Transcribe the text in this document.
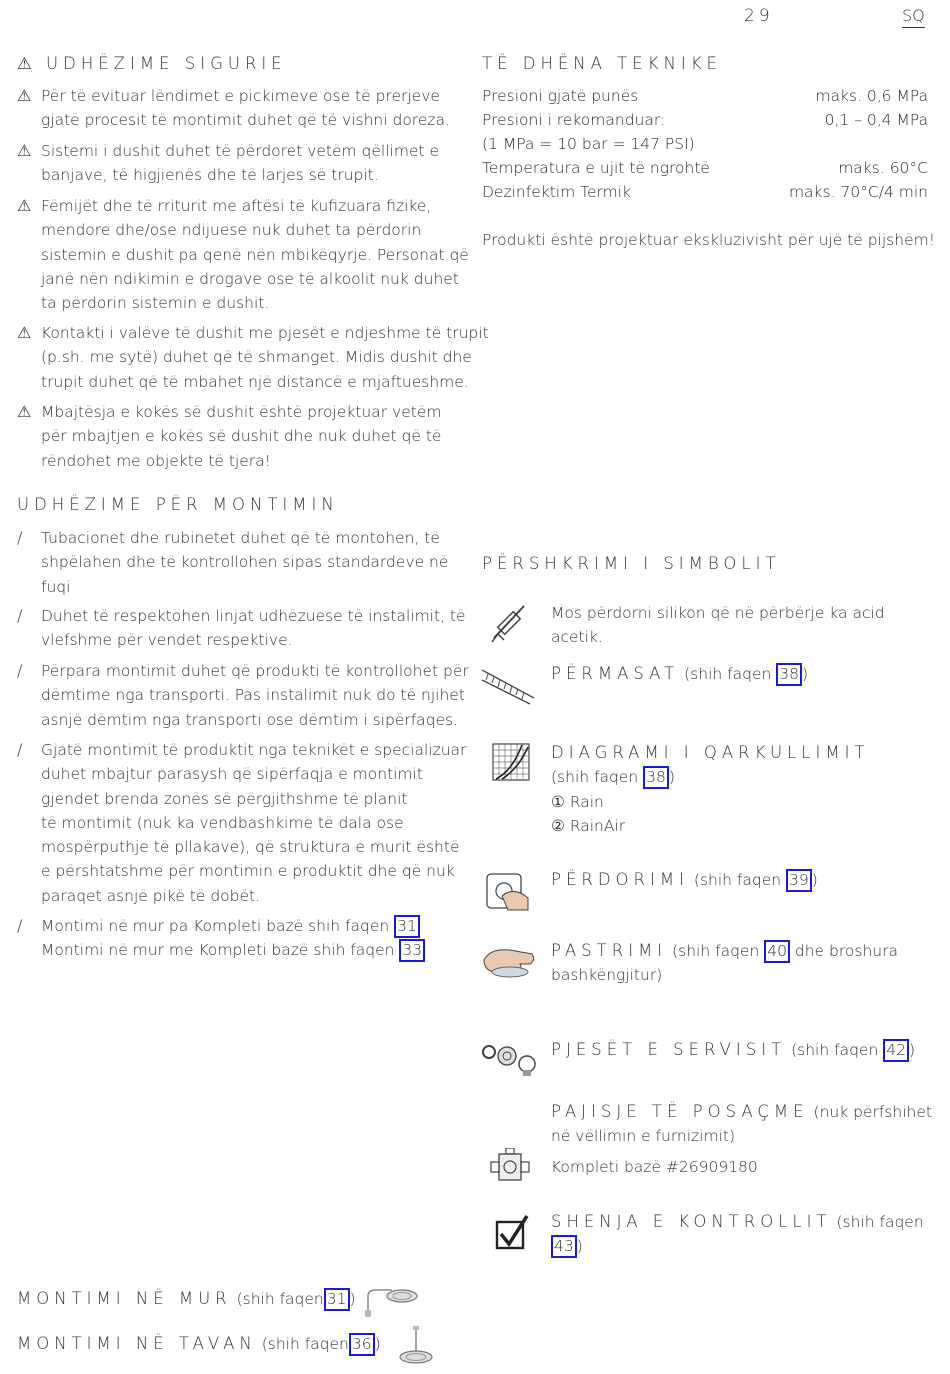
29	SQ
⚠ UDHËZIME SIGURIE
⚠ Për të evituar lëndimet e pickimeve ose të prerjeve
gjatë procesit të montimit duhet që të vishni doreza.
⚠ Sistemi i dushit duhet të përdoret vetëm qëllimet e
banjave, të higjienës dhe të larjes së trupit.
⚠ Fëmijët dhe të rriturit me aftësi të kufizuara fizike,
mendore dhe/ose ndijuese nuk duhet ta përdorin
sistemin e dushit pa qenë nën mbikëqyrje. Personat që
janë nën ndikimin e drogave ose të alkoolit nuk duhet
ta përdorin sistemin e dushit.
⚠ Kontakti i valëve të dushit me pjesët e ndjeshme të trupit
(p.sh. me sytë) duhet që të shmanget. Midis dushit dhe
trupit duhet që të mbahet një distancë e mjaftueshme.
⚠ Mbajtësja e kokës së dushit është projektuar vetëm
për mbajtjen e kokës së dushit dhe nuk duhet që të
rëndohet me objekte të tjera!
UDHËZIME PËR MONTIMIN
/ Tubacionet dhe rubinetet duhet që të montohen, të
shpëlahen dhe të kontrollohen sipas standardeve në
fuqi
/ Duhet të respektohen linjat udhëzuese të instalimit, të
vlefshme për vendet respektive.
/ Përpara montimit duhet që produkti të kontrollohet për
dëmtime nga transporti. Pas instalimit nuk do të njihet
asnjë dëmtim nga transporti ose dëmtim i sipërfaqes.
/ Gjatë montimit të produktit nga teknikët e specializuar
duhet mbajtur parasysh që sipërfaqja e montimit
gjendet brenda zonës së përgjithshme të planit
të montimit (nuk ka vendbashkime të dala ose
mospërputhje të pllakave), që struktura e murit është
e përshtatshme për montimin e produktit dhe që nuk
paraqet asnjë pikë të dobët.
/ Montimi në mur pa Kompleti bazë shih faqen 31
Montimi në mur me Kompleti bazë shih faqen 33
MONTIMI NË MUR (shih faqen 31 )
MONTIMI NË TAVAN (shih faqen 36 )
TË DHËNA TEKNIKE
Presioni gjatë punës	maks. 0,6 MPa
Presioni i rekomanduar:	0,1 – 0,4 MPa
(1 MPa = 10 bar = 147 PSI)
Temperatura e ujit të ngrohtë	maks. 60°C
Dezinfektim Termik	maks. 70°C/4 min
Produkti është projektuar ekskluzivisht për ujë të pijshëm!
PËRSHKRIMI I SIMBOLIT
Mos përdorni silikon që në përbërje ka acid
acetik.
PËRMASAT (shih faqen 38 )
DIAGRAMI I QARKULLIMIT
(shih faqen 38 )
① Rain
② RainAir
PËRDORIMI (shih faqen 39 )
PASTRIMI (shih faqen 40 dhe broshura
bashkëngjitur)
PJESËT E SERVISIT (shih faqen 42 )
PAJISJE TË POSAÇME (nuk përfshihet
në vëllimin e furnizimit)
Kompleti bazë #26909180
SHENJA E KONTROLLIT (shih faqen
43 )
